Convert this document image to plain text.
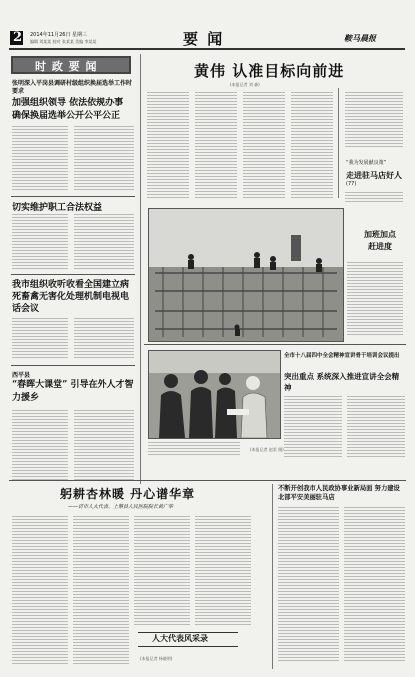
2 2014年11月26日 星期三
编辑 刘某某 校对 张某某 美编 李某某	要 闻	鞍马晨报
时 政 要 闻
张明深入平岗县调研村级组织换届选举工作时要求
加强组织领导 依法依规办事 确保换届选举公开公平公正
切实维护职工合法权益
我市组织收听收看全国建立病死畜禽无害化处理机制电视电话会议
西平县
“春晖大课堂” 引导在外人才智力援乡
黄伟 认准目标向前进
(本报记者 刘 森)
“我为发展献良策”
走进驻马店好人
(77)
加班加点
赶进度
(本报记者 赵雷 摄)
全市十八届四中全会精神宣讲骨干培训会议提出
突出重点 系统深入推进宣讲全会精神
躬耕杏林暖 丹心谱华章
——访市人大代表、上蔡县人民医院院长黄广华
人大代表风采录
(本报记者 杨晓明)
不断开创我市人民政协事业新局面 努力建设北部平安美丽驻马店
